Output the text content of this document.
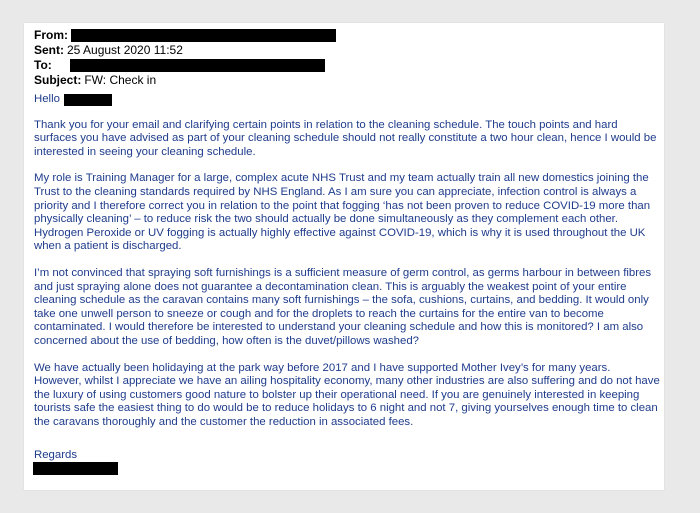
From:
Sent: 25 August 2020 11:52
To:
Subject: FW: Check in
Hello

Thank you for your email and clarifying certain points in relation to the cleaning schedule. The touch points and hard surfaces you have advised as part of your cleaning schedule should not really constitute a two hour clean, hence I would be interested in seeing your cleaning schedule.

My role is Training Manager for a large, complex acute NHS Trust and my team actually train all new domestics joining the Trust to the cleaning standards required by NHS England. As I am sure you can appreciate, infection control is always a priority and I therefore correct you in relation to the point that fogging ‘has not been proven to reduce COVID-19 more than physically cleaning’ – to reduce risk the two should actually be done simultaneously as they complement each other. Hydrogen Peroxide or UV fogging is actually highly effective against COVID-19, which is why it is used throughout the UK when a patient is discharged.

I’m not convinced that spraying soft furnishings is a sufficient measure of germ control, as germs harbour in between fibres and just spraying alone does not guarantee a decontamination clean. This is arguably the weakest point of your entire cleaning schedule as the caravan contains many soft furnishings – the sofa, cushions, curtains, and bedding. It would only take one unwell person to sneeze or cough and for the droplets to reach the curtains for the entire van to become contaminated. I would therefore be interested to understand your cleaning schedule and how this is monitored? I am also concerned about the use of bedding, how often is the duvet/pillows washed?

We have actually been holidaying at the park way before 2017 and I have supported Mother Ivey’s for many years. However, whilst I appreciate we have an ailing hospitality economy, many other industries are also suffering and do not have the luxury of using customers good nature to bolster up their operational need. If you are genuinely interested in keeping tourists safe the easiest thing to do would be to reduce holidays to 6 night and not 7, giving yourselves enough time to clean the caravans thoroughly and the customer the reduction in associated fees.

Regards
